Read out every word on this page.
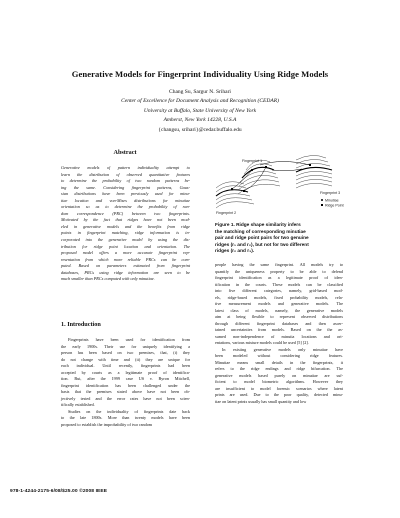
Generative Models for Fingerprint Individuality Using Ridge Models
Chang Su, Sargur N. Srihari
Center of Excellence for Document Analysis and Recognition (CEDAR)
University at Buffalo, State University of New York
Amherst, New York 14228, U.S.A
{changsu, srihari}@cedar.buffalo.edu
Abstract
Generative models of pattern individuality attempt to
learn the distribution of observed quantitative features
to determine the probability of two random patterns be-
ing the same. Considering fingerprint patterns, Gaus-
sian distributions have been previously used for minu-
tiae location and von-Mises distributions for minutiae
orientation so as to determine the probability of ran-
dom correspondence (PRC) between two fingerprints.
Motivated by the fact that ridges have not been mod-
eled in generative models and the benefits from ridge
points in fingerprint matching, ridge information is in-
corporated into the generative model by using the dis-
tribution for ridge point location and orientation. The
proposed model offers a more accurate fingerprint rep-
resentation from which more reliable PRCs can be com-
puted. Based on parameters estimated from fingerprint
databases, PRCs using ridge information are seen to be
much smaller than PRCs computed with only minutiae.
1. Introduction
Fingerprints have been used for identification from
the early 1900s. Their use for uniquely identifying a
person has been based on two premises, that, (i) they
do not change with time and (ii) they are unique for
each individual. Until recently, fingerprints had been
accepted by courts as a legitimate proof of identifica-
tion. But, after the 1999 case US v. Byron Mitchell,
fingerprint identification has been challenged under the
basis that the premises stated above have not been ob-
jectively tested and the error rates have not been scien-
tifically established.
Studies on the individuality of fingerprints date back
to the late 1800s. More than twenty models have been
proposed to establish the improbability of two random
Fingerprint 1
Fingerprint 2
Fingerprint 3
Minutiae
Ridge Point
Figure 1. Ridge shape similarity infers
the matching of corresponding minutiae
pair and ridge point pairs for two genuine
ridges (r₁ and r₂), but not for two different
ridges (r₂ and r₃).
people having the same fingerprint. All models try to
quantify the uniqueness property to be able to defend
fingerprint identification as a legitimate proof of iden-
tification in the courts. These models can be classified
into five different categories, namely, grid-based mod-
els, ridge-based models, fixed probability models, rela-
tive measurement models and generative models. The
latest class of models, namely, the generative models
aim at being flexible to represent observed distributions
through different fingerprint databases and then ascer-
tained uncertainties from models. Based on the the as-
sumed non-independence of minutia locations and ori-
entations, various mixture models could be used [5] [2].
In existing generative models only minutiae have
been modeled without considering ridge features.
Minutiae means small details in the fingerprints, it
refers to the ridge endings and ridge bifurcation. The
generative models based purely on minutiae are suf-
ficient to model biometric algorithms. However they
are insufficient to model forensic scenarios where latent
prints are used. Due to the poor quality, detected minu-
tiae on latent prints usually has small quantity and low
978-1-4244-2175-6/08/$25.00 ©2008 IEEE
